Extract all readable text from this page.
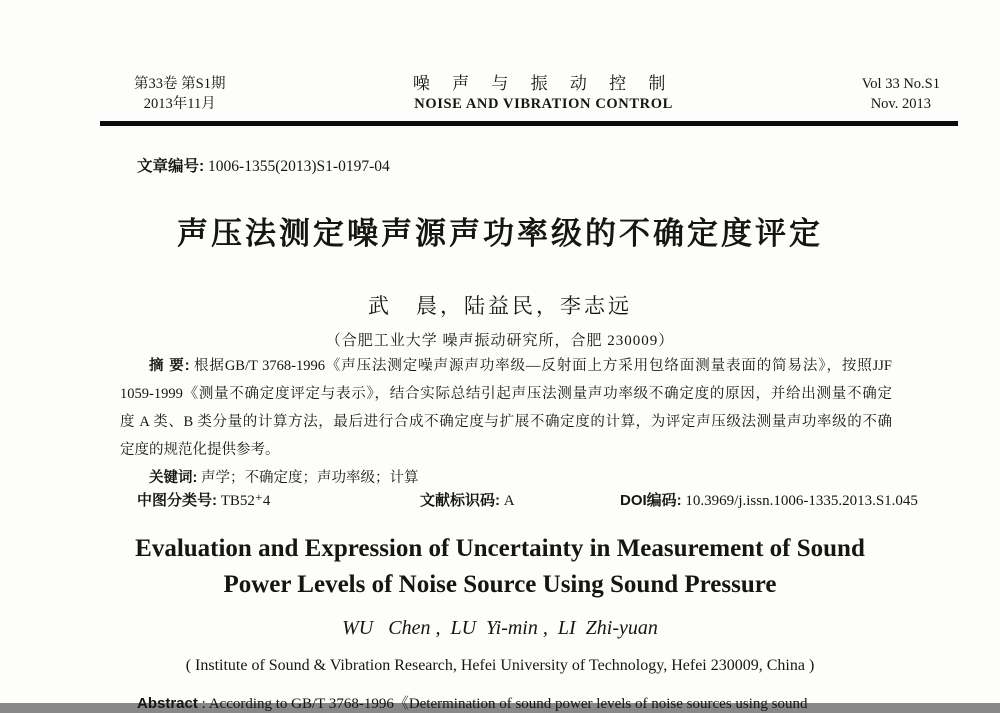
第33卷 第S1期
2013年11月
噪 声 与 振 动 控 制
NOISE AND VIBRATION CONTROL
Vol 33 No.S1
Nov. 2013
文章编号: 1006-1355(2013)S1-0197-04
声压法测定噪声源声功率级的不确定度评定
武　晨，陆益民，李志远
（合肥工业大学 噪声振动研究所，合肥 230009）
摘 要: 根据GB/T 3768-1996《声压法测定噪声源声功率级—反射面上方采用包络面测量表面的简易法》，按照JJF
1059-1999《测量不确定度评定与表示》，结合实际总结引起声压法测量声功率级不确定度的原因，并给出测量不确定
度 A 类、B 类分量的计算方法，最后进行合成不确定度与扩展不确定度的计算，为评定声压级法测量声功率级的不确
定度的规范化提供参考。
关键词: 声学；不确定度；声功率级；计算
中图分类号: TB52⁺4	文献标识码: A	DOI编码: 10.3969/j.issn.1006-1335.2013.S1.045
Evaluation and Expression of Uncertainty in Measurement of Sound
Power Levels of Noise Source Using Sound Pressure
WU   Chen ,  LU  Yi-min ,  LI  Zhi-yuan
( Institute of Sound & Vibration Research, Hefei University of Technology, Hefei 230009, China )
Abstract : According to GB/T 3768-1996《Determination of sound power levels of noise sources using sound
